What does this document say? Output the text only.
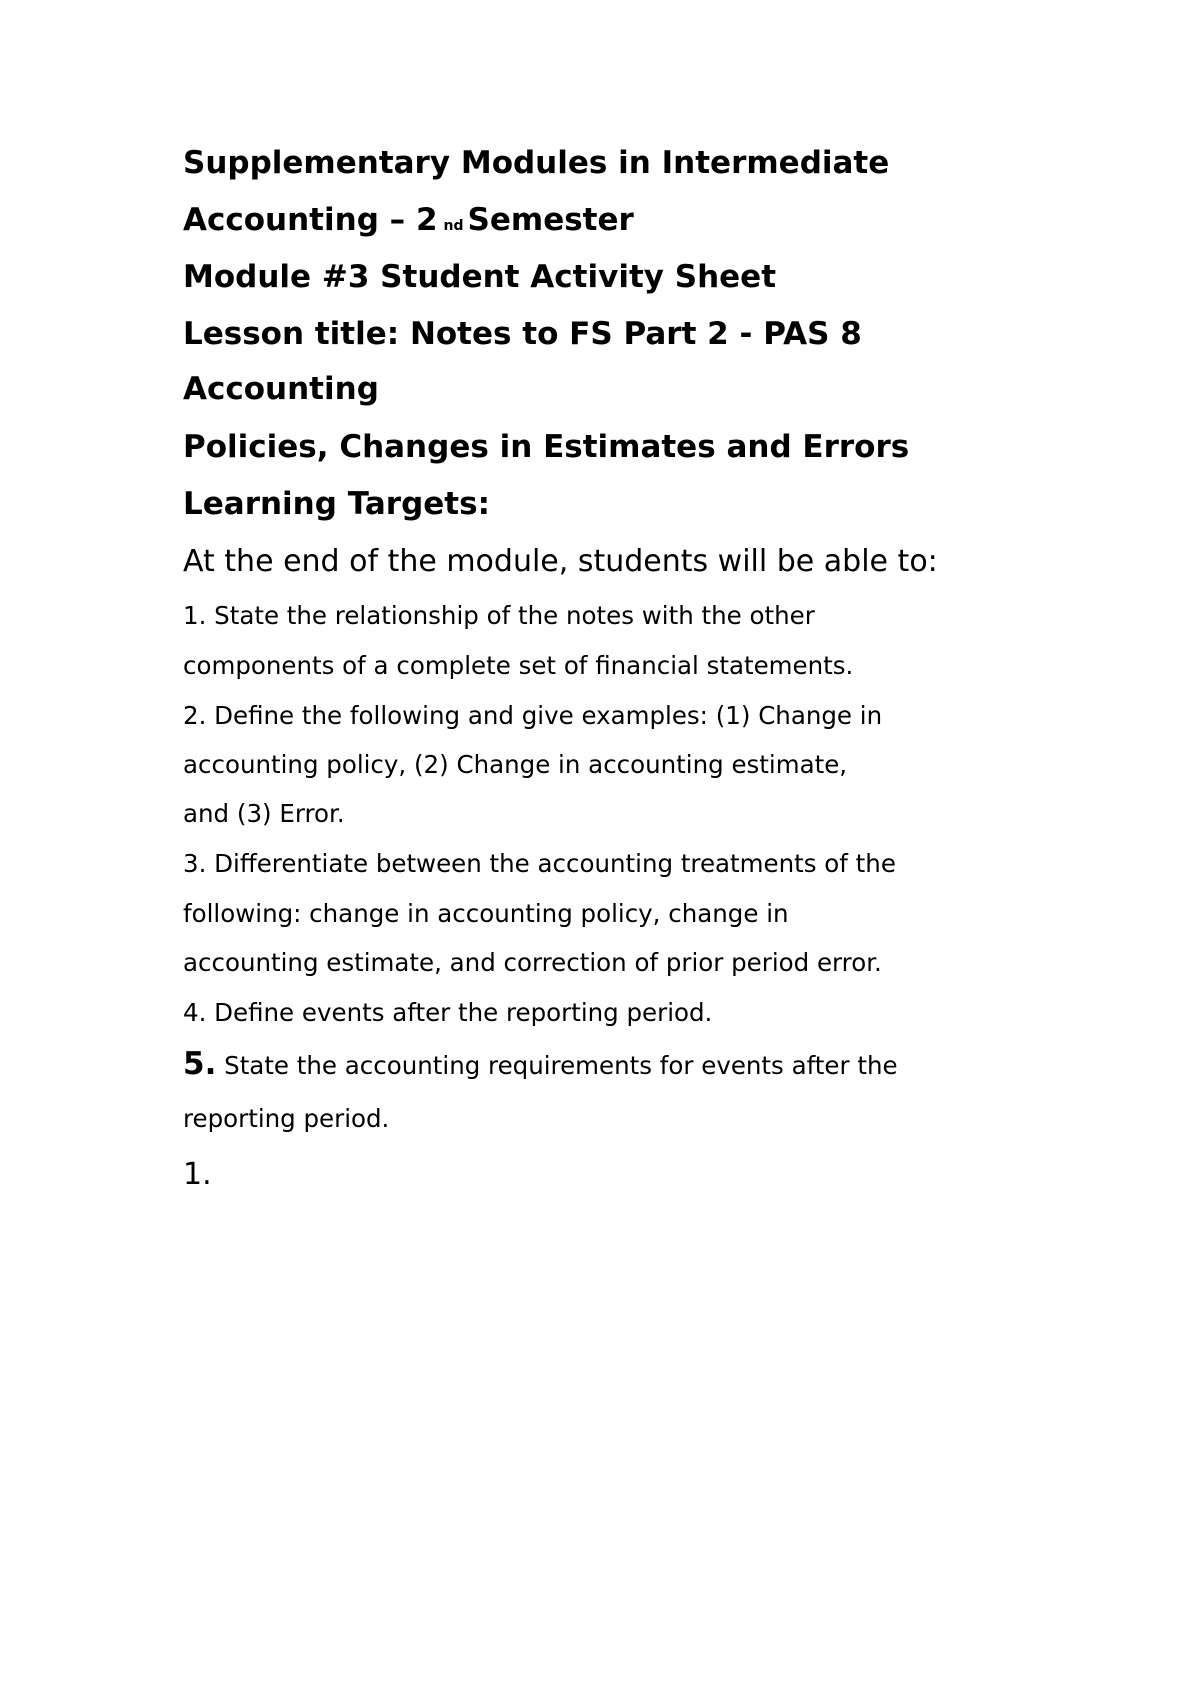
Supplementary Modules in Intermediate
Accounting – 2 nd Semester
Module #3 Student Activity Sheet
Lesson title: Notes to FS Part 2 - PAS 8
Accounting
Policies, Changes in Estimates and Errors
Learning Targets:
At the end of the module, students will be able to:
1. State the relationship of the notes with the other
components of a complete set of financial statements.
2. Define the following and give examples: (1) Change in
accounting policy, (2) Change in accounting estimate,
and (3) Error.
3. Differentiate between the accounting treatments of the
following: change in accounting policy, change in
accounting estimate, and correction of prior period error.
4. Define events after the reporting period.
5. State the accounting requirements for events after the
reporting period.
1.
